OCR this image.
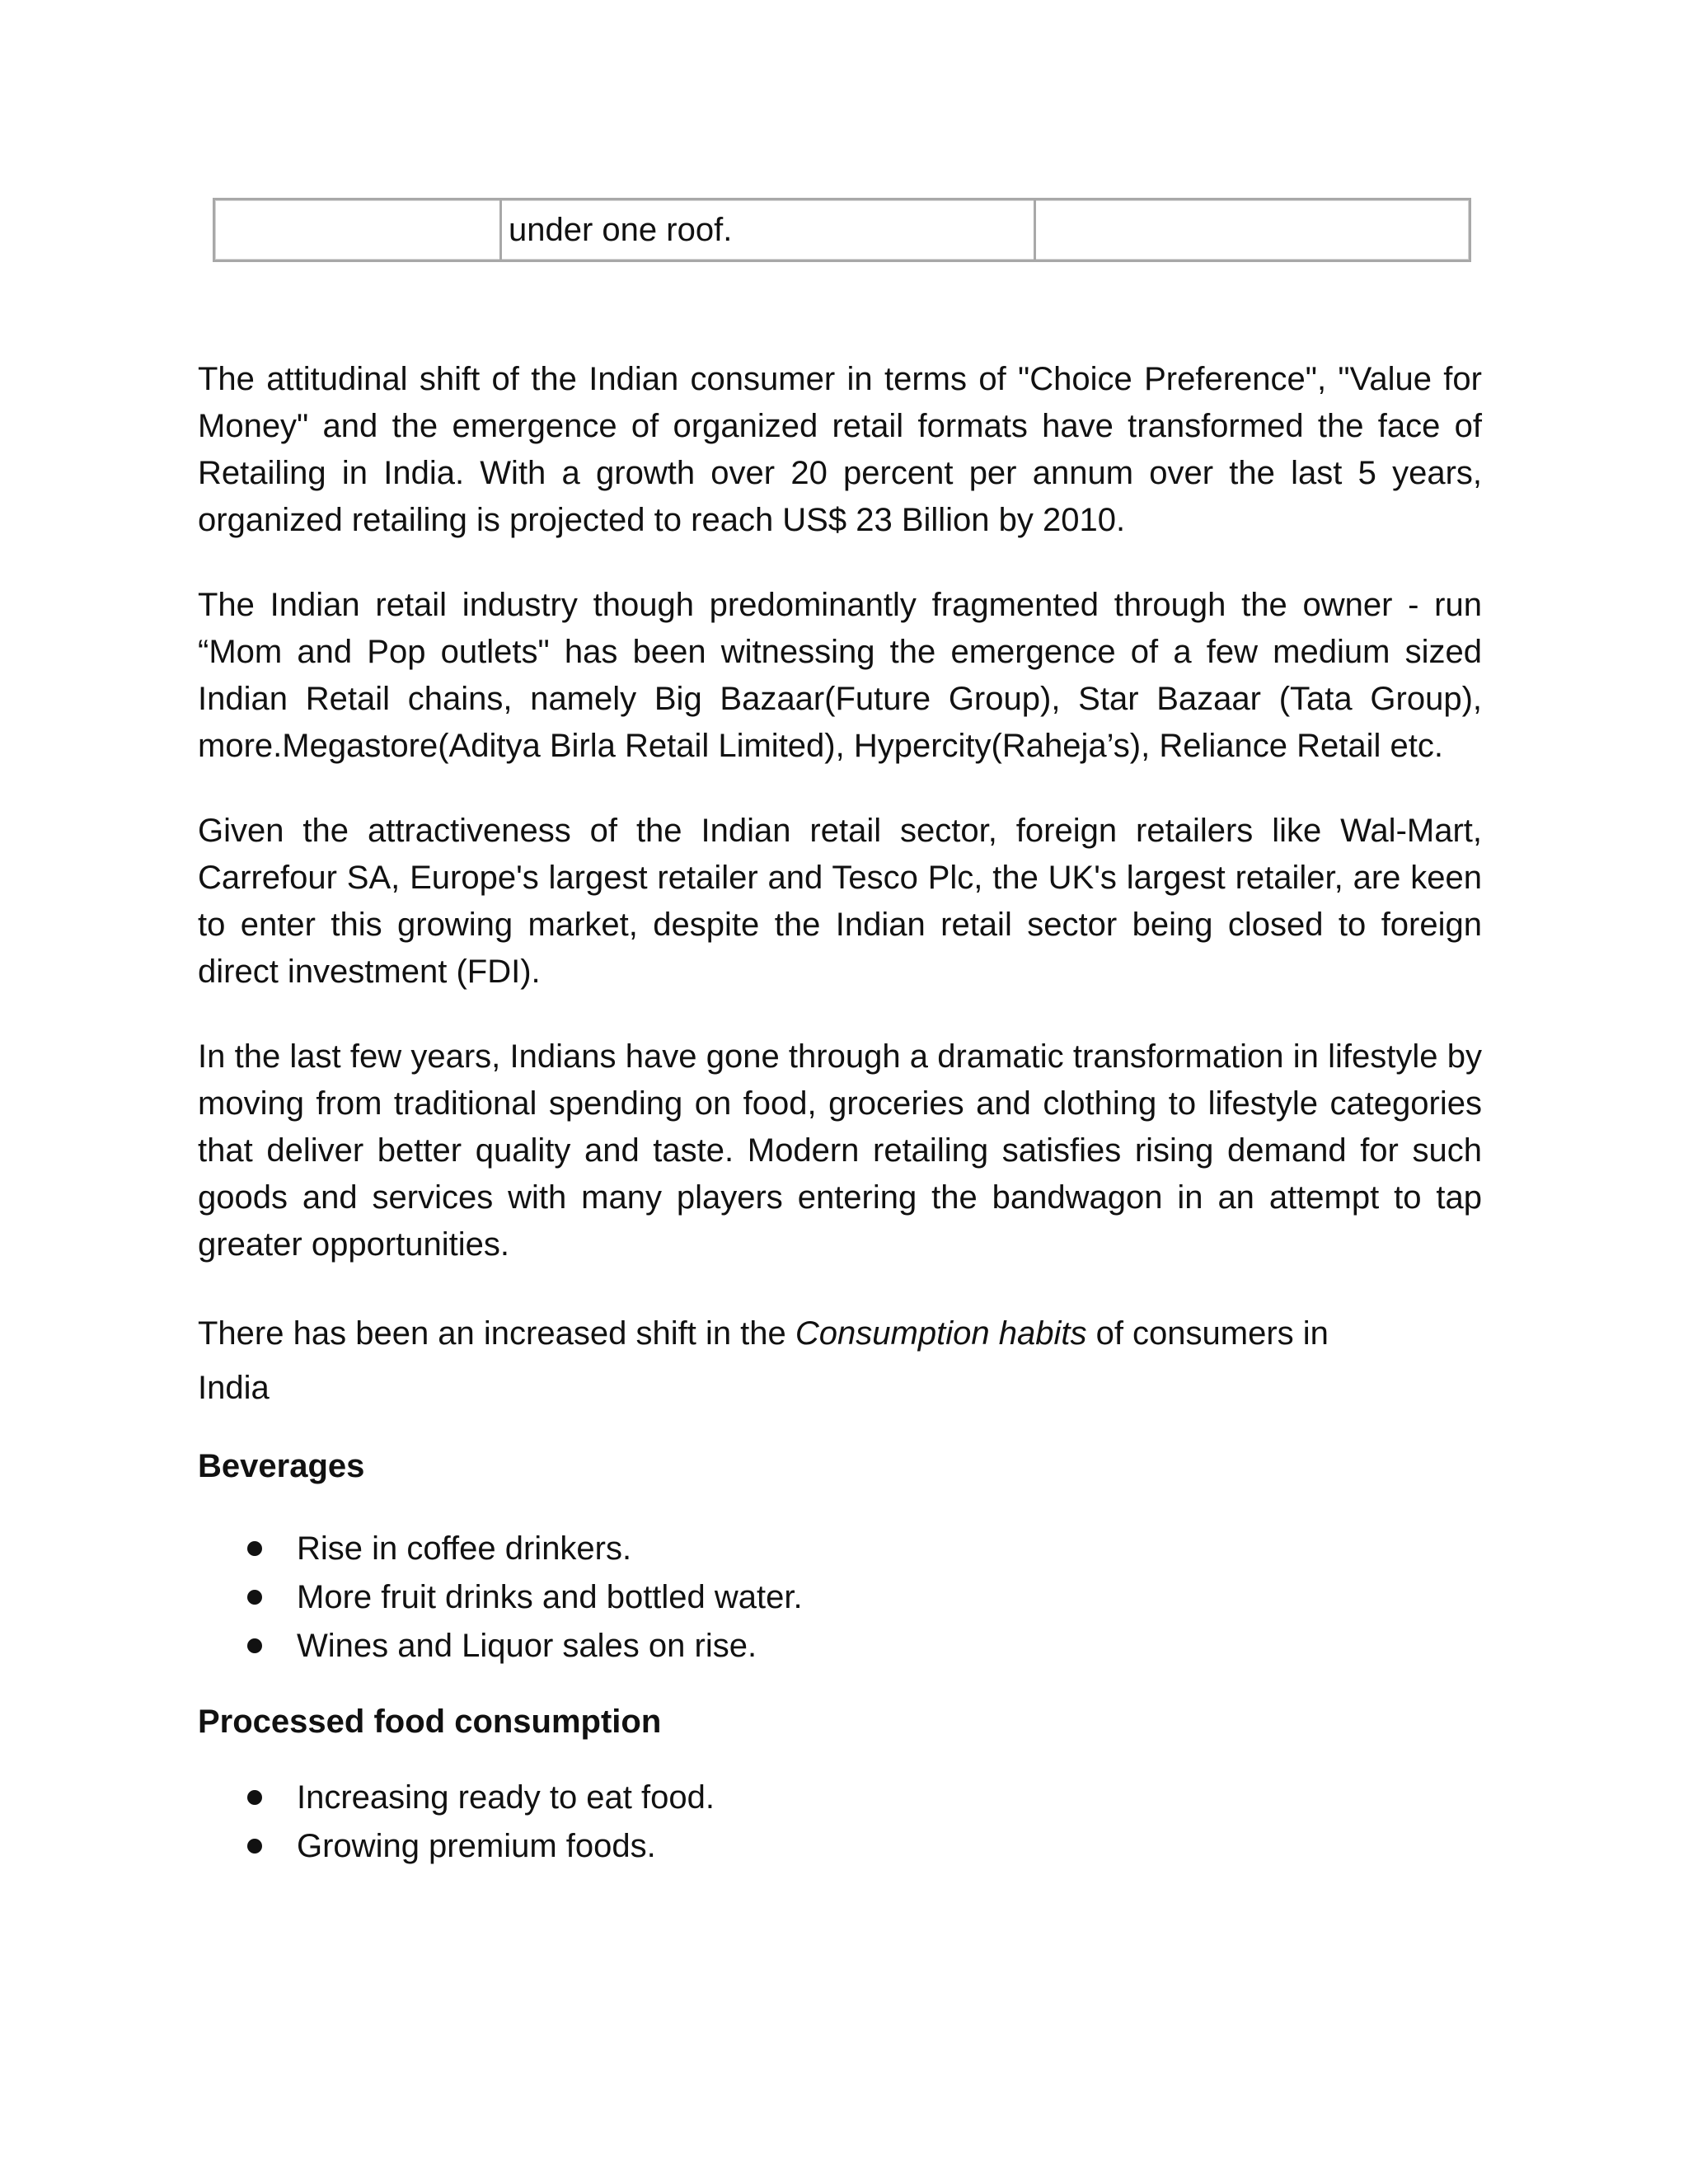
	under one roof.	

The attitudinal shift of the Indian consumer in terms of "Choice Preference", "Value for Money" and the emergence of organized retail formats have transformed the face of Retailing in India. With a growth over 20 percent per annum over the last 5 years, organized retailing is projected to reach US$ 23 Billion by 2010.

The Indian retail industry though predominantly fragmented through the owner - run “Mom and Pop outlets" has been witnessing the emergence of a few medium sized Indian Retail chains, namely Big Bazaar(Future Group), Star Bazaar (Tata Group), more.Megastore(Aditya Birla Retail Limited), Hypercity(Raheja’s), Reliance Retail etc.

Given the attractiveness of the Indian retail sector, foreign retailers like Wal-Mart, Carrefour SA, Europe's largest retailer and Tesco Plc, the UK's largest retailer, are keen to enter this growing market, despite the Indian retail sector being closed to foreign direct investment (FDI).

In the last few years, Indians have gone through a dramatic transformation in lifestyle by moving from traditional spending on food, groceries and clothing to lifestyle categories that deliver better quality and taste. Modern retailing satisfies rising demand for such goods and services with many players entering the bandwagon in an attempt to tap greater opportunities.

There has been an increased shift in the Consumption habits of consumers in
India

Beverages

Rise in coffee drinkers.
More fruit drinks and bottled water.
Wines and Liquor sales on rise.

Processed food consumption

Increasing ready to eat food.
Growing premium foods.
